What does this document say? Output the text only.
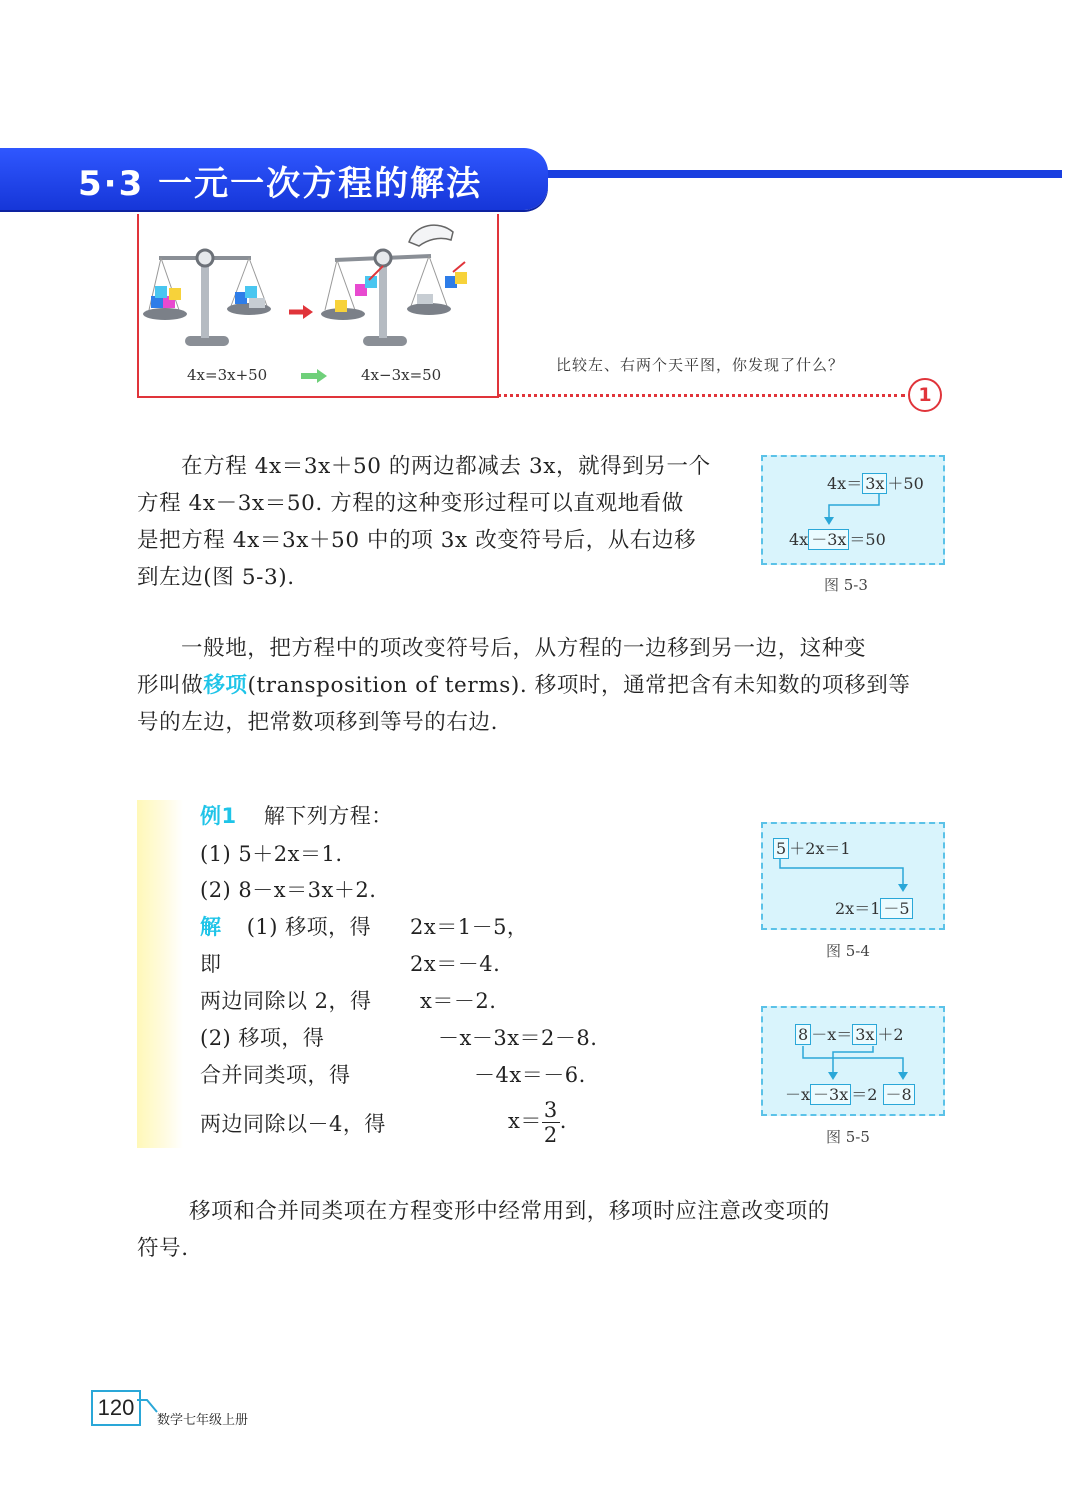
5·3 一元一次方程的解法
4x=3x+50	4x−3x=50
比较左、右两个天平图，你发现了什么？
1
在方程 4x＝3x＋50 的两边都减去 3x，就得到另一个
方程 4x－3x＝50. 方程的这种变形过程可以直观地看做
是把方程 4x＝3x＋50 中的项 3x 改变符号后，从右边移
到左边(图 5-3).
4x＝ 3x ＋50
4x －3x ＝50
图 5-3
一般地，把方程中的项改变符号后，从方程的一边移到另一边，这种变
形叫做移项(transposition of terms). 移项时，通常把含有未知数的项移到等
号的左边，把常数项移到等号的右边.
例1 解下列方程：
(1) 5＋2x＝1.
(2) 8－x＝3x＋2.
解 (1) 移项，得 2x＝1－5，
即	2x＝－4.
两边同除以 2，得 x＝－2.
(2) 移项，得	－x－3x＝2－8.
合并同类项，得	－4x＝－6.
两边同除以－4，得	$x= \frac{3}{2}$ .
5 ＋2x＝1
2x＝1 －5
图 5-4
8 －x＝ 3x ＋2
－x －3x ＝2 －8
图 5-5
移项和合并同类项在方程变形中经常用到，移项时应注意改变项的
符号.
120
数学七年级上册
